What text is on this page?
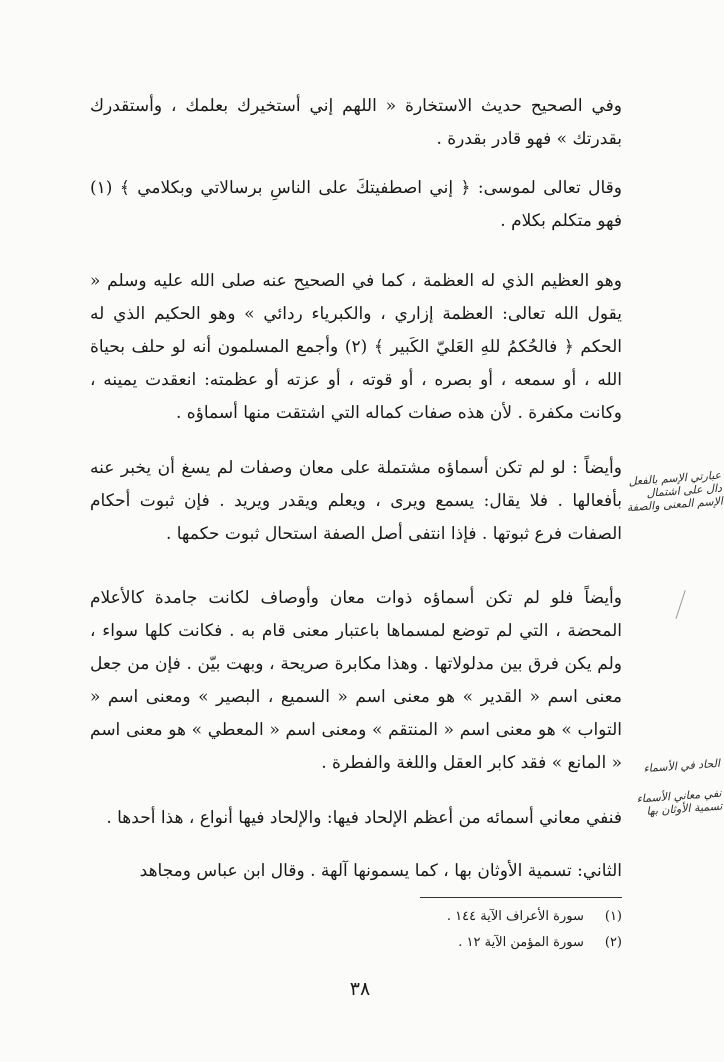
وفي الصحيح حديث الاستخارة « اللهم إني أستخيرك بعلمك ، وأستقدرك بقدرتك » فهو قادر بقدرة .

وقال تعالى لموسى: ﴿ إني اصطفيتكَ على الناسِ برسالاتي وبكلامي ﴾ (١) فهو متكلم بكلام .

وهو العظيم الذي له العظمة ، كما في الصحيح عنه صلى الله عليه وسلم « يقول الله تعالى: العظمة إزاري ، والكبرياء ردائي » وهو الحكيم الذي له الحكم ﴿ فالحُكمُ للهِ العَليّ الكَبير ﴾ (٢) وأجمع المسلمون أنه لو حلف بحياة الله ، أو سمعه ، أو بصره ، أو قوته ، أو عزته أو عظمته: انعقدت يمينه ، وكانت مكفرة . لأن هذه صفات كماله التي اشتقت منها أسماؤه .

وأيضاً : لو لم تكن أسماؤه مشتملة على معان وصفات لم يسغ أن يخبر عنه بأفعالها . فلا يقال: يسمع ويرى ، ويعلم ويقدر ويريد . فإن ثبوت أحكام الصفات فرع ثبوتها . فإذا انتفى أصل الصفة استحال ثبوت حكمها .

وأيضاً فلو لم تكن أسماؤه ذوات معان وأوصاف لكانت جامدة كالأعلام المحضة ، التي لم توضع لمسماها باعتبار معنى قام به . فكانت كلها سواء ، ولم يكن فرق بين مدلولاتها . وهذا مكابرة صريحة ، وبهت بيّن . فإن من جعل معنى اسم « القدير » هو معنى اسم « السميع ، البصير » ومعنى اسم « التواب » هو معنى اسم « المنتقم » ومعنى اسم « المعطي » هو معنى اسم « المانع » فقد كابر العقل واللغة والفطرة .

فنفي معاني أسمائه من أعظم الإلحاد فيها: والإلحاد فيها أنواع ، هذا أحدها .

الثاني: تسمية الأوثان بها ، كما يسمونها آلهة . وقال ابن عباس ومجاهد

(١) سورة الأعراف الآية ١٤٤ .
(٢) سورة المؤمن الآية ١٢ .
٣٨
عبارتي الإسم بالفعل دال على اشتمال الإسم المعنى والصفة
الحاد في الأسماء
نفي معاني الأسماء تسمية الأوثان بها
